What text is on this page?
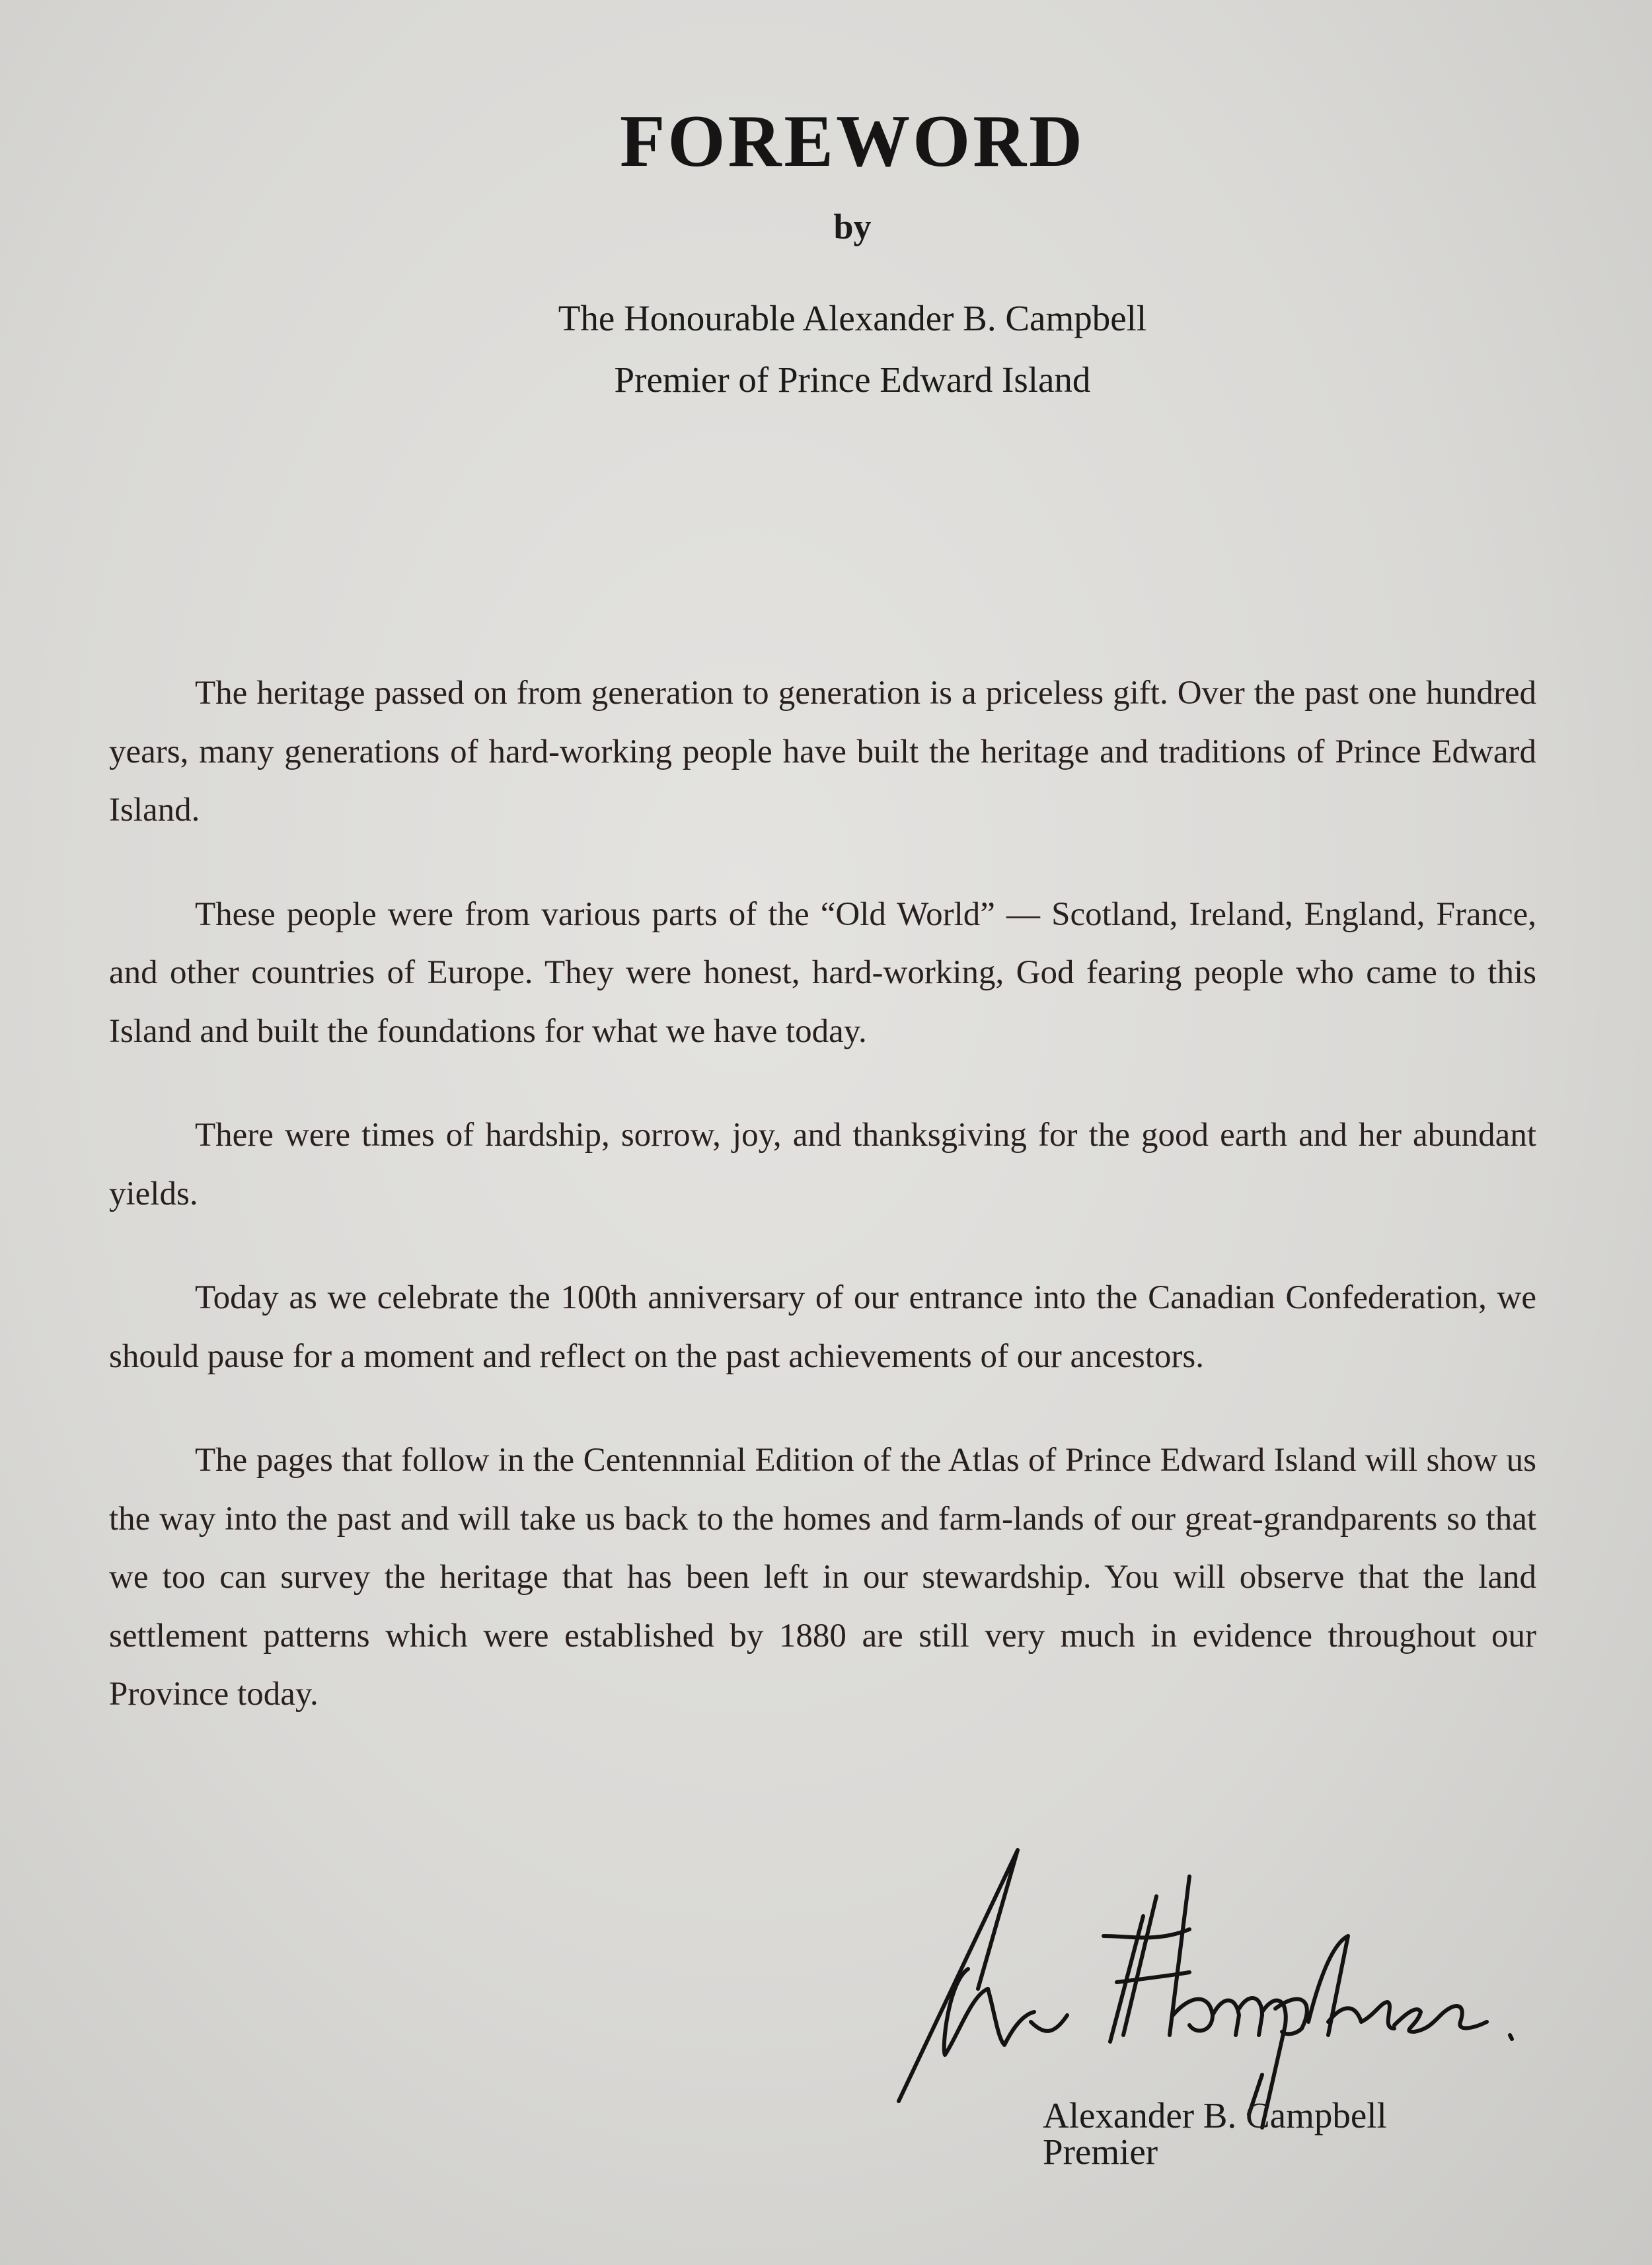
FOREWORD
by
The Honourable Alexander B. Campbell
Premier of Prince Edward Island

The heritage passed on from generation to generation is a priceless gift. Over the past one hundred years, many generations of hard-working people have built the heritage and traditions of Prince Edward Island.

These people were from various parts of the “Old World” — Scotland, Ireland, England, France, and other countries of Europe. They were honest, hard-working, God fearing people who came to this Island and built the foundations for what we have today.

There were times of hardship, sorrow, joy, and thanksgiving for the good earth and her abundant yields.

Today as we celebrate the 100th anniversary of our entrance into the Canadian Confederation, we should pause for a moment and reflect on the past achievements of our ancestors.

The pages that follow in the Centennnial Edition of the Atlas of Prince Edward Island will show us the way into the past and will take us back to the homes and farm-lands of our great-grandparents so that we too can survey the heritage that has been left in our stewardship. You will observe that the land settlement patterns which were established by 1880 are still very much in evidence throughout our Province today.

Alexander B. Campbell
Premier
